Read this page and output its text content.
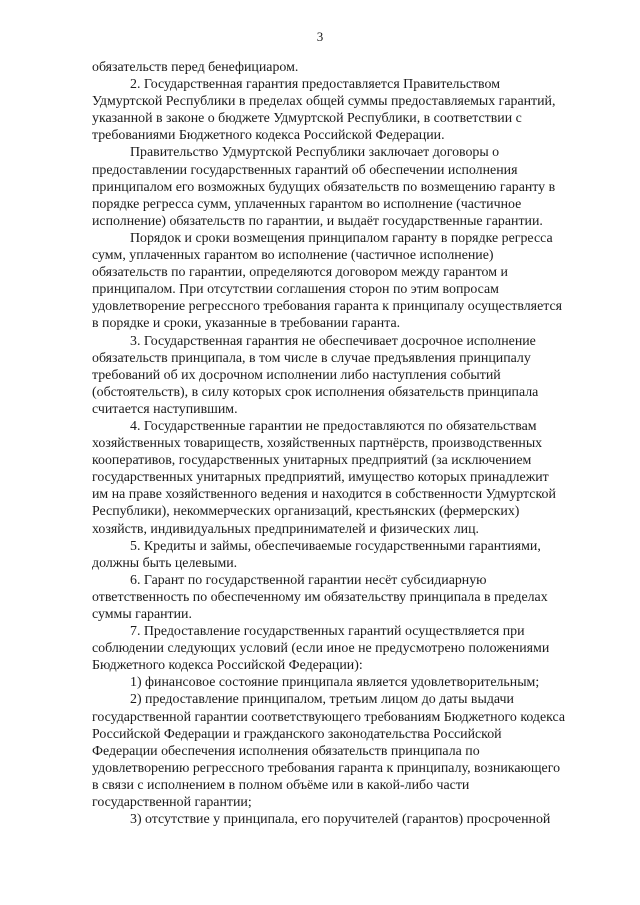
3

обязательств перед бенефициаром.

2. Государственная гарантия предоставляется Правительством
Удмуртской Республики в пределах общей суммы предоставляемых гарантий,
указанной в законе о бюджете Удмуртской Республики, в соответствии с
требованиями Бюджетного кодекса Российской Федерации.

Правительство Удмуртской Республики заключает договоры о
предоставлении государственных гарантий об обеспечении исполнения
принципалом его возможных будущих обязательств по возмещению гаранту в
порядке регресса сумм, уплаченных гарантом во исполнение (частичное
исполнение) обязательств по гарантии, и выдаёт государственные гарантии.

Порядок и сроки возмещения принципалом гаранту в порядке регресса
сумм, уплаченных гарантом во исполнение (частичное исполнение)
обязательств по гарантии, определяются договором между гарантом и
принципалом. При отсутствии соглашения сторон по этим вопросам
удовлетворение регрессного требования гаранта к принципалу осуществляется
в порядке и сроки, указанные в требовании гаранта.

3. Государственная гарантия не обеспечивает досрочное исполнение
обязательств принципала, в том числе в случае предъявления принципалу
требований об их досрочном исполнении либо наступления событий
(обстоятельств), в силу которых срок исполнения обязательств принципала
считается наступившим.

4. Государственные гарантии не предоставляются по обязательствам
хозяйственных товариществ, хозяйственных партнёрств, производственных
кооперативов, государственных унитарных предприятий (за исключением
государственных унитарных предприятий, имущество которых принадлежит
им на праве хозяйственного ведения и находится в собственности Удмуртской
Республики), некоммерческих организаций, крестьянских (фермерских)
хозяйств, индивидуальных предпринимателей и физических лиц.

5. Кредиты и займы, обеспечиваемые государственными гарантиями,
должны быть целевыми.

6. Гарант по государственной гарантии несёт субсидиарную
ответственность по обеспеченному им обязательству принципала в пределах
суммы гарантии.

7. Предоставление государственных гарантий осуществляется при
соблюдении следующих условий (если иное не предусмотрено положениями
Бюджетного кодекса Российской Федерации):

1) финансовое состояние принципала является удовлетворительным;

2) предоставление принципалом, третьим лицом до даты выдачи
государственной гарантии соответствующего требованиям Бюджетного кодекса
Российской Федерации и гражданского законодательства Российской
Федерации обеспечения исполнения обязательств принципала по
удовлетворению регрессного требования гаранта к принципалу, возникающего
в связи с исполнением в полном объёме или в какой-либо части
государственной гарантии;

3) отсутствие у принципала, его поручителей (гарантов) просроченной
